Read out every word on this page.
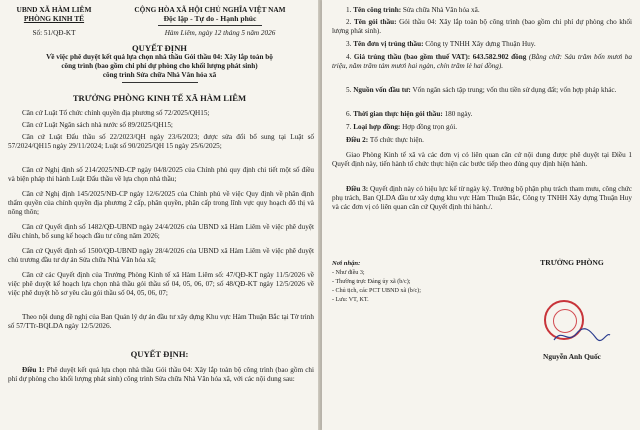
UBND XÃ HÀM LIÊM
PHÒNG KINH TẾ
Số: 51/QĐ-KT
CỘNG HÒA XÃ HỘI CHỦ NGHĨA VIỆT NAM
Độc lập - Tự do - Hạnh phúc
Hàm Liêm, ngày 12 tháng 5 năm 2026
QUYẾT ĐỊNH
Về việc phê duyệt kết quả lựa chọn nhà thầu Gói thầu 04: Xây lắp toàn bộ
công trình (bao gồm chi phí dự phòng cho khối lượng phát sinh)
công trình Sửa chữa Nhà Văn hóa xã
TRƯỞNG PHÒNG KINH TẾ XÃ HÀM LIÊM
Căn cứ Luật Tổ chức chính quyền địa phương số 72/2025/QH15;
Căn cứ Luật Ngân sách nhà nước số 89/2025/QH15;
Căn cứ Luật Đấu thầu số 22/2023/QH ngày 23/6/2023; được sửa đổi bổ sung tại Luật số 57/2024/QH15 ngày 29/11/2024; Luật số 90/2025/QH 15 ngày 25/6/2025;
Căn cứ Nghị định số 214/2025/NĐ-CP ngày 04/8/2025 của Chính phủ quy định chi tiết một số điều và biện pháp thi hành Luật Đấu thầu về lựa chọn nhà thầu;
Căn cứ Nghị định 145/2025/NĐ-CP ngày 12/6/2025 của Chính phủ về việc Quy định về phân định thẩm quyền của chính quyền địa phương 2 cấp, phân quyền, phân cấp trong lĩnh vực quy hoạch đô thị và nông thôn;
Căn cứ Quyết định số 1482/QĐ-UBND ngày 24/4/2026 của UBND xã Hàm Liêm về việc phê duyệt điều chỉnh, bổ sung kế hoạch đầu tư công năm 2026;
Căn cứ Quyết định số 1500/QĐ-UBND ngày 28/4/2026 của UBND xã Hàm Liêm về việc phê duyệt chủ trương đầu tư dự án Sửa chữa Nhà Văn hóa xã;
Căn cứ các Quyết định của Trưởng Phòng Kinh tế xã Hàm Liêm số: 47/QĐ-KT ngày 11/5/2026 về việc phê duyệt kế hoạch lựa chọn nhà thầu gói thầu số 04, 05, 06, 07; số 48/QĐ-KT ngày 12/5/2026 về việc phê duyệt hồ sơ yêu cầu gói thầu số 04, 05, 06, 07;
Theo nội dung đề nghị của Ban Quản lý dự án đầu tư xây dựng Khu vực Hàm Thuận Bắc tại Tờ trình số 57/TTr-BQLDA ngày 12/5/2026.
QUYẾT ĐỊNH:
Điều 1: Phê duyệt kết quả lựa chọn nhà thầu Gói thầu 04: Xây lắp toàn bộ công trình (bao gồm chi phí dự phòng cho khối lượng phát sinh) công trình Sửa chữa Nhà Văn hóa xã, với các nội dung sau:
1. Tên công trình: Sửa chữa Nhà Văn hóa xã.
2. Tên gói thầu: Gói thầu 04: Xây lắp toàn bộ công trình (bao gồm chi phí dự phòng cho khối lượng phát sinh).
3. Tên đơn vị trúng thầu: Công ty TNHH Xây dựng Thuận Huy.
4. Giá trúng thầu (bao gồm thuế VAT): 643.582.902 đồng (Bằng chữ: Sáu trăm bốn mươi ba triệu, năm trăm tám mươi hai ngàn, chín trăm lẻ hai đồng).
5. Nguồn vốn đầu tư: Vốn ngân sách tập trung; vốn thu tiền sử dụng đất; vốn hợp pháp khác.
6. Thời gian thực hiện gói thầu: 180 ngày.
7. Loại hợp đồng: Hợp đồng trọn gói.
Điều 2: Tổ chức thực hiện.
Giao Phòng Kinh tế xã và các đơn vị có liên quan căn cứ nội dung được phê duyệt tại Điều 1 Quyết định này, tiến hành tổ chức thực hiện các bước tiếp theo đúng quy định hiện hành.
Điều 3: Quyết định này có hiệu lực kể từ ngày ký. Trưởng bộ phận phụ trách tham mưu, công chức phụ trách, Ban QLDA đầu tư xây dựng khu vực Hàm Thuận Bắc, Công ty TNHH Xây dựng Thuận Huy và các đơn vị có liên quan căn cứ Quyết định thi hành./.
Nơi nhận:
- Như điều 3;
- Thường trực Đảng ủy xã (b/c);
- Chủ tịch, các PCT UBND xã (b/c);
- Lưu: VT, KT.
TRƯỞNG PHÒNG
Nguyễn Anh Quốc
